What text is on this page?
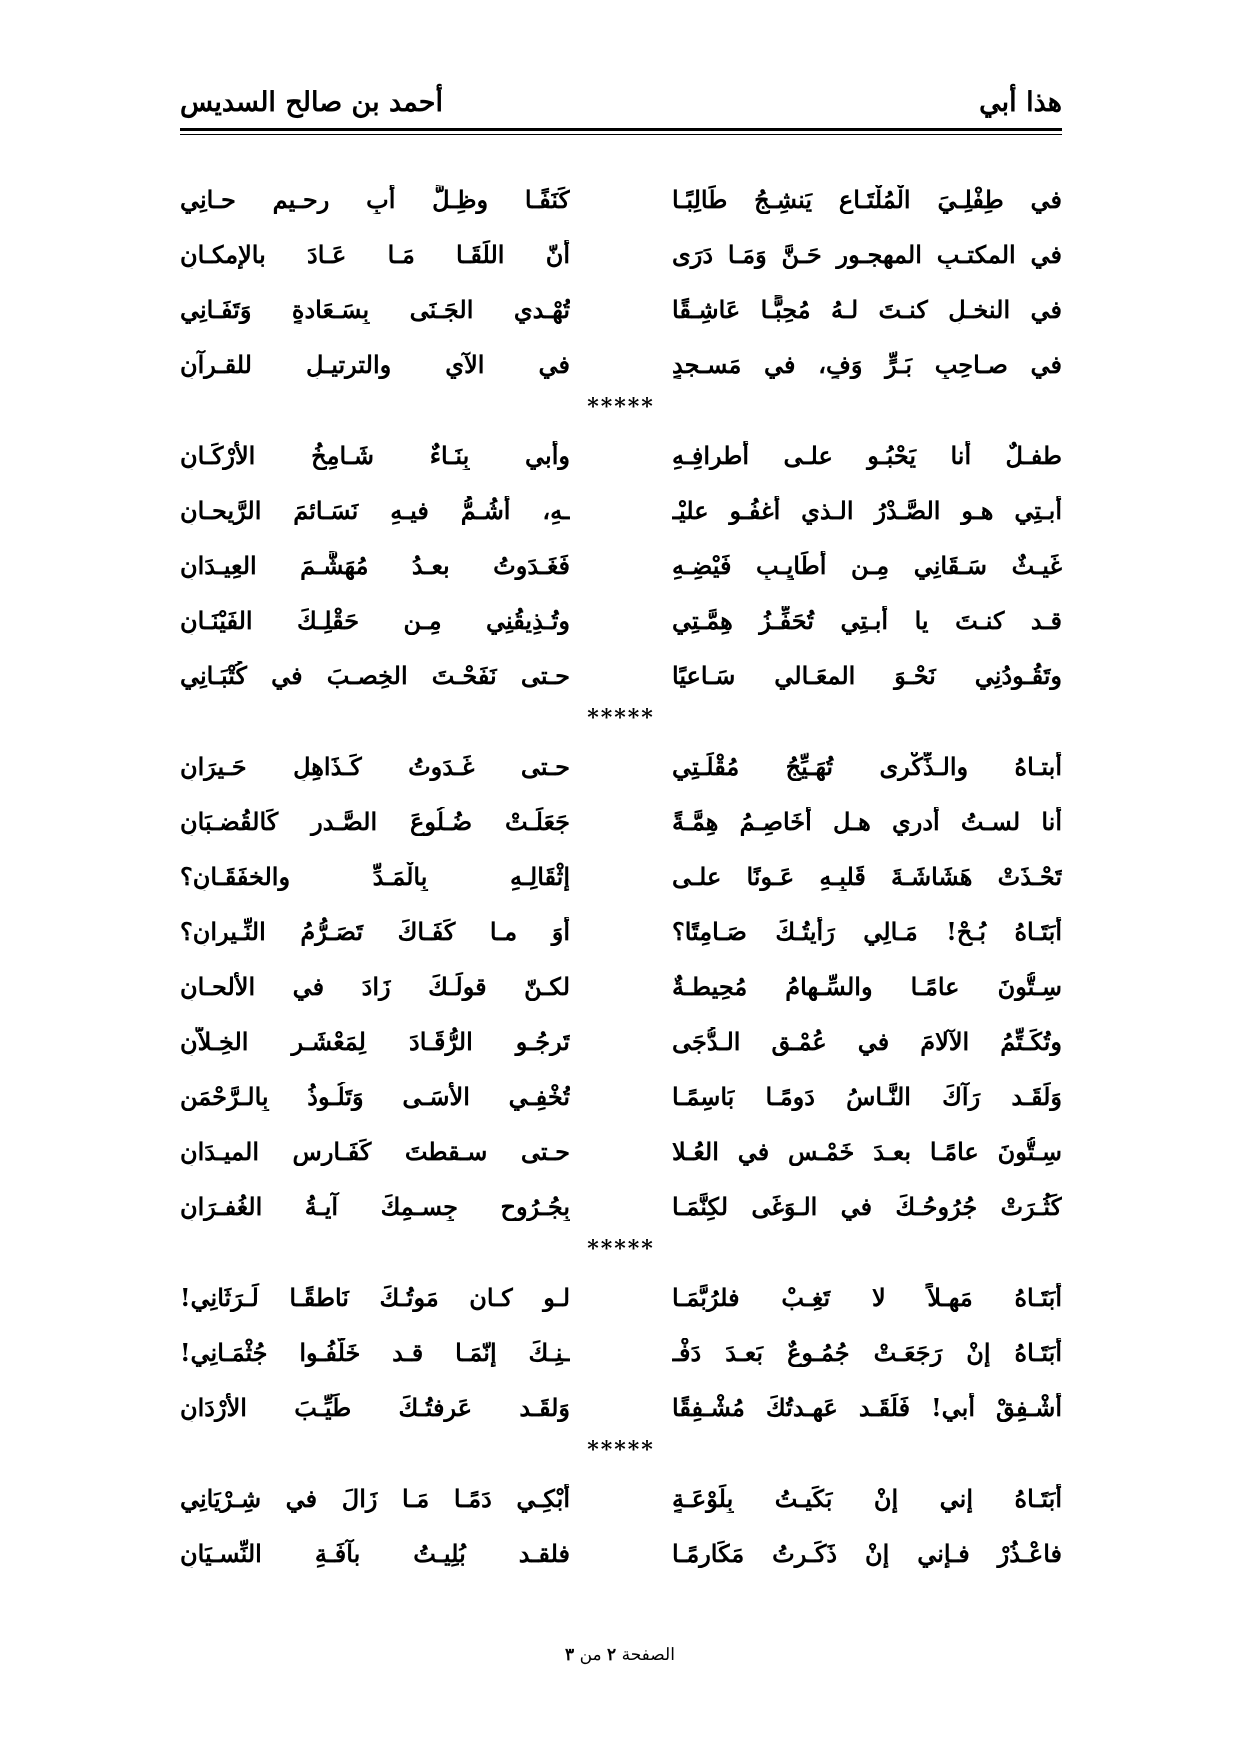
هذا أبي
أحمد بن صالح السديس
في طِفْلِـيَ الْمُلْتَـاعِ يَنشِـجُ طَالِبًـا
كَنَفًـا وظِـلَّ أبٍ رحـيمٍ حـانِي
في المكتـبِ المهجـورِ حَـنَّ وَمَـا دَرَى
أنّ اللِّقَـا مَـا عَـادَ بالإمكـانِ
في النخـلِ كنـتَ لـهُ مُحِبًّـا عَاشِـقًا
تُهْـدي الجَـنَى بِسَـعَادةٍ وَتَفَـانِي
في صـاحِبٍ بَـرٍّ وَفٍ، في مَسـجدٍ
في الآيِ والترتيـلِ للقـرآنِ
*****
طفـلٌ أنا يَحْبُـو علـى أطرافِـهِ
وأبي بِنَـاءٌ شَـامِخُ الأرْكَـانِ
أبـتِي هـو الصَّـدْرُ الـذي أغفُـو عليْـ
ـهِ، أشُـمُّ فيـهِ نَسَـائمَ الرَّيحـانِ
غَيـثٌ سَـقَانِي مِـن أطَايِـبِ فَيْضِـهِ
فَغَـدَوتُ بعـدُ مُهَشَّـمَ العِيـدَانِ
قـد كنـتَ يا أبـتِي تُحَفِّـزُ هِمَّـتِي
وتُـذِيقُنِي مِـن حَقْلِـكَ الفَيْنَـانِ
وتَقُـودُنِي نَحْـوَ المعَـالي سَـاعيًا
حـتى نَفَحْـتَ الخِصـبَ في كُتْبَـانِي
*****
أبتـاهُ والـذِّكْرى تُهَـيِّجُ مُقْلَـتِي
حـتى غَـدَوتُ كَـذَاهِلٍ حَـيرَانِ
أنا لسـتُ أدري هـل أخَاصِـمُ هِمَّـةً
جَعَلَـتْ ضُـلُوعَ الصَّـدرِ كَالقُضـبَانِ
تَحْـذَتْ هَشَاشَـةَ قَلبِـهِ عَـونًا علـى
إثْقَالِـهِ بِالْمَـدِّ والخفَقَـانِ؟
أبَتَـاهُ بُـحْ! مَـالِي رَأيتُـكَ صَـامِتًا؟
أوَ مـا كَفَـاكَ تَصَـرُّمُ النِّـيرانِ؟
سِـتُّونَ عامًـا والسِّـهامُ مُحِيطـةٌ
لكـنّ قولَـكَ زَادَ في الألحـانِ
وتُكَـتِّمُ الآلامَ في عُمْـقِ الـدُّجَى
تَرجُـو الرُّقَـادَ لِمَعْشَـرِ الخِـلاّنِ
وَلَقَـد رَآكَ النَّـاسُ دَومًـا بَاسِمًـا
تُخْفِـي الأسَـى وَتَلُـوذُ بِالـرَّحْمَنِ
سِـتُّونَ عامًـا بعـدَ خَمْـسٍ في العُـلا
حـتى سـقطتَ كَفَـارِسِ الميـدَانِ
كَثُـرَتْ جُرُوحُـكَ في الـوَغَى لكِنَّمَـا
بِجُـرُوحِ جِسـمِكَ آيـةُ الغُفـرَانِ
*****
أبَتَـاهُ مَهـلاً لا تَغِـبْ فلرُبَّمَـا
لـو كـان مَوتُـكَ نَاطقًـا لَـرَثَانِي!
أبَتَـاهُ إنْ رَجَعَـتْ جُمُـوعٌ بَعـدَ دَفْـ
ـنِـكَ إنّمَـا قـد خَلَّفُـوا جُثْمَـانِي!
أشْـفِقْ أبي! فَلَقَـد عَهِـدتُكَ مُشْـفِقًا
وَلقَـد عَرفتُـكَ طَيِّـبَ الأرْدَانِ
*****
أبَتَـاهُ إني إنْ بَكَيـتُ بِلَوْعَـةٍ
أبْكِـي دَمًـا مَـا زَالَ في شِـرْيَانِي
فاعْـذُرْ فـإني إنْ ذَكَـرتُ مَكَارِمًـا
فلقـد بُلِيـتُ بآفَـةِ النِّسـيَانِ
الصفحة ٢ من ٣
